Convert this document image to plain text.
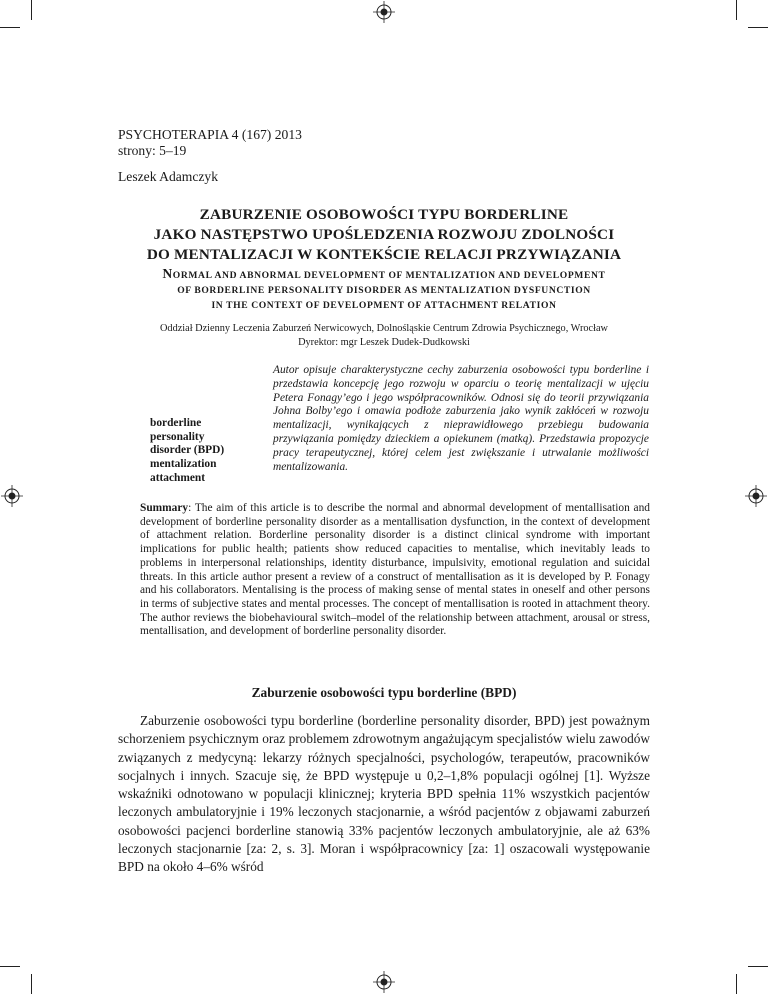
PSYCHOTERAPIA 4 (167) 2013
strony: 5–19
Leszek Adamczyk
ZABURZENIE OSOBOWOŚCI TYPU BORDERLINE
JAKO NASTĘPSTWO UPOŚLEDZENIA ROZWOJU ZDOLNOŚCI
DO MENTALIZACJI W KONTEKŚCIE RELACJI PRZYWIĄZANIA
NORMAL AND ABNORMAL DEVELOPMENT OF MENTALIZATION AND DEVELOPMENT
OF BORDERLINE PERSONALITY DISORDER AS MENTALIZATION DYSFUNCTION
IN THE CONTEXT OF DEVELOPMENT OF ATTACHMENT RELATION
Oddział Dzienny Leczenia Zaburzeń Nerwicowych, Dolnośląskie Centrum Zdrowia Psychicznego, Wrocław
Dyrektor: mgr Leszek Dudek-Dudkowski
borderline
personality
disorder (BPD)
mentalization
attachment
Autor opisuje charakterystyczne cechy zaburzenia osobowości typu borderline i przedstawia koncepcję jego rozwoju w oparciu o teorię mentalizacji w ujęciu Petera Fonagy’ego i jego współpracowników. Odnosi się do teorii przywiązania Johna Bolby’ego i omawia podłoże zaburzenia jako wynik zakłóceń w rozwoju mentalizacji, wynikających z nieprawidłowego przebiegu budowania przywiązania pomiędzy dzieckiem a opiekunem (matką). Przedstawia propozycje pracy terapeutycznej, której celem jest zwiększanie i utrwalanie możliwości mentalizowania.
Summary: The aim of this article is to describe the normal and abnormal development of mentallisation and development of borderline personality disorder as a mentallisation dysfunction, in the context of development of attachment relation. Borderline personality disorder is a distinct clinical syndrome with important implications for public health; patients show reduced capacities to mentalise, which inevitably leads to problems in interpersonal relationships, identity disturbance, impulsivity, emotional regulation and suicidal threats. In this article author present a review of a construct of mentallisation as it is developed by P. Fonagy and his collaborators. Mentalising is the process of making sense of mental states in oneself and other persons in terms of subjective states and mental processes. The concept of mentallisation is rooted in attachment theory. The author reviews the biobehavioural switch–model of the relationship between attachment, arousal or stress, mentallisation, and development of borderline personality disorder.
Zaburzenie osobowości typu borderline (BPD)

Zaburzenie osobowości typu borderline (borderline personality disorder, BPD) jest poważnym schorzeniem psychicznym oraz problemem zdrowotnym angażującym specjalistów wielu zawodów związanych z medycyną: lekarzy różnych specjalności, psychologów, terapeutów, pracowników socjalnych i innych. Szacuje się, że BPD występuje u 0,2–1,8% populacji ogólnej [1]. Wyższe wskaźniki odnotowano w populacji klinicznej; kryteria BPD spełnia 11% wszystkich pacjentów leczonych ambulatoryjnie i 19% leczonych stacjonarnie, a wśród pacjentów z objawami zaburzeń osobowości pacjenci borderline stanowią 33% pacjentów leczonych ambulatoryjnie, ale aż 63% leczonych stacjonarnie [za: 2, s. 3]. Moran i współpracownicy [za: 1] oszacowali występowanie BPD na około 4–6% wśród
